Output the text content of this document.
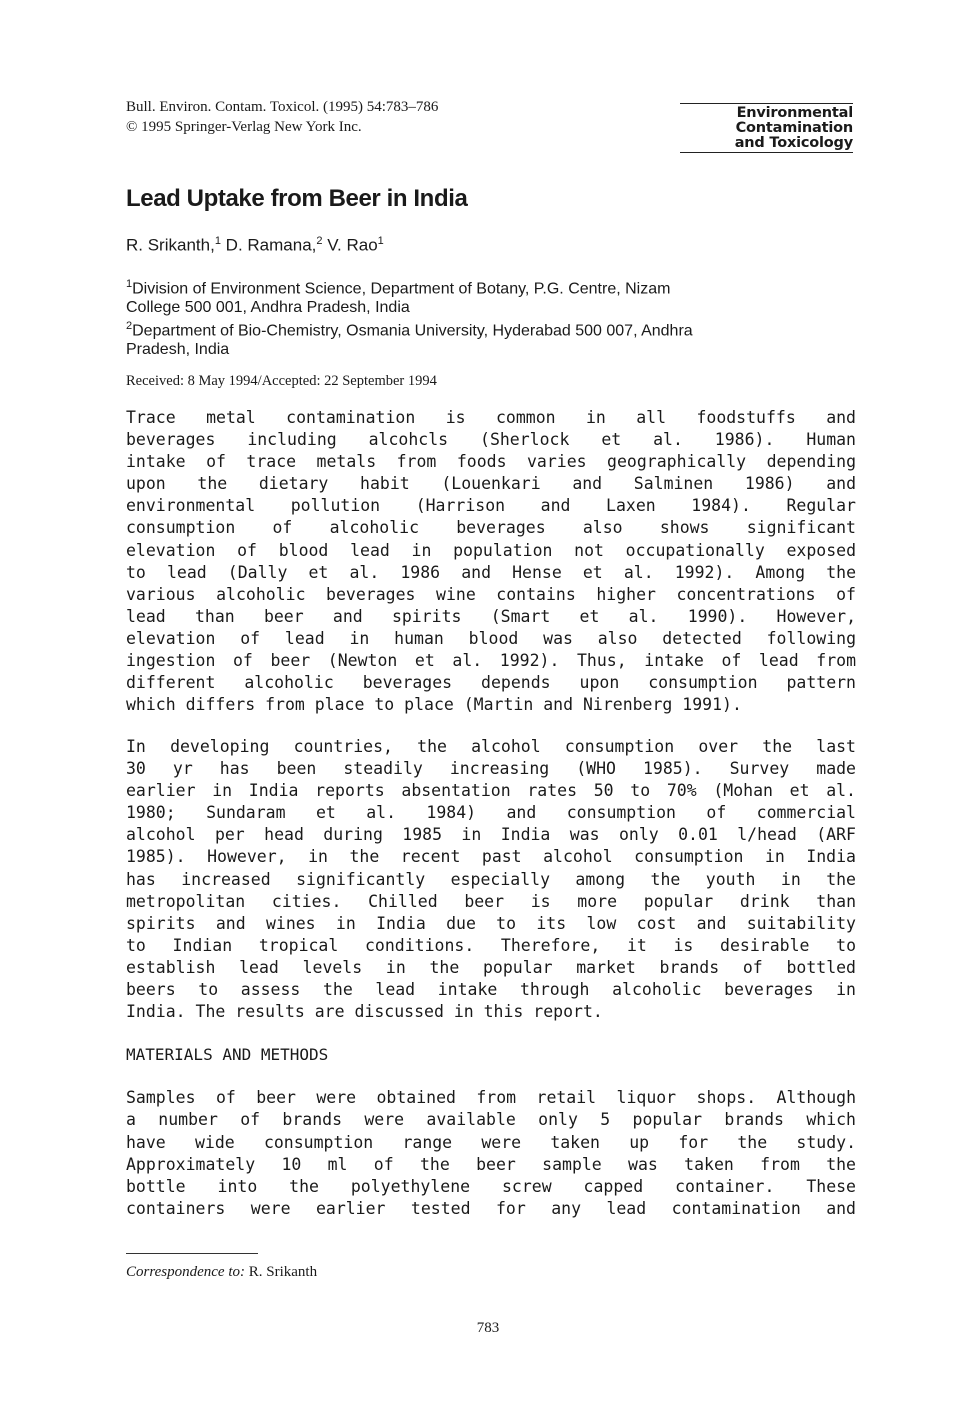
Bull. Environ. Contam. Toxicol. (1995) 54:783–786
© 1995 Springer-Verlag New York Inc.
Environmental
Contamination
and Toxicology
Lead Uptake from Beer in India
R. Srikanth,$^1$ D. Ramana,$^2$ V. Rao$^1$
$^1$Division of Environment Science, Department of Botany, P.G. Centre, Nizam
College 500 001, Andhra Pradesh, India
$^2$Department of Bio-Chemistry, Osmania University, Hyderabad 500 007, Andhra
Pradesh, India
Received: 8 May 1994/Accepted: 22 September 1994
Trace metal contamination is common in all foodstuffs and
beverages including alcohcls (Sherlock et al. 1986). Human
intake of trace metals from foods varies geographically depending
upon the dietary habit (Louenkari and Salminen 1986) and
environmental pollution (Harrison and Laxen 1984). Regular
consumption of alcoholic beverages also shows significant
elevation of blood lead in population not occupationally exposed
to lead (Dally et al. 1986 and Hense et al. 1992). Among the
various alcoholic beverages wine contains higher concentrations of
lead than beer and spirits (Smart et al. 1990). However,
elevation of lead in human blood was also detected following
ingestion of beer (Newton et al. 1992). Thus, intake of lead from
different alcoholic beverages depends upon consumption pattern
which differs from place to place (Martin and Nirenberg 1991).
In developing countries, the alcohol consumption over the last
30 yr has been steadily increasing (WHO 1985). Survey made
earlier in India reports absentation rates 50 to 70% (Mohan et al.
1980; Sundaram et al. 1984) and consumption of commercial
alcohol per head during 1985 in India was only 0.01 l/head (ARF
1985). However, in the recent past alcohol consumption in India
has increased significantly especially among the youth in the
metropolitan cities. Chilled beer is more popular drink than
spirits and wines in India due to its low cost and suitability
to Indian tropical conditions. Therefore, it is desirable to
establish lead levels in the popular market brands of bottled
beers to assess the lead intake through alcoholic beverages in
India. The results are discussed in this report.
MATERIALS AND METHODS
Samples of beer were obtained from retail liquor shops. Although
a number of brands were available only 5 popular brands which
have wide consumption range were taken up for the study.
Approximately 10 ml of the beer sample was taken from the
bottle into the polyethylene screw capped container. These
containers were earlier tested for any lead contamination and
Correspondence to: R. Srikanth
783
